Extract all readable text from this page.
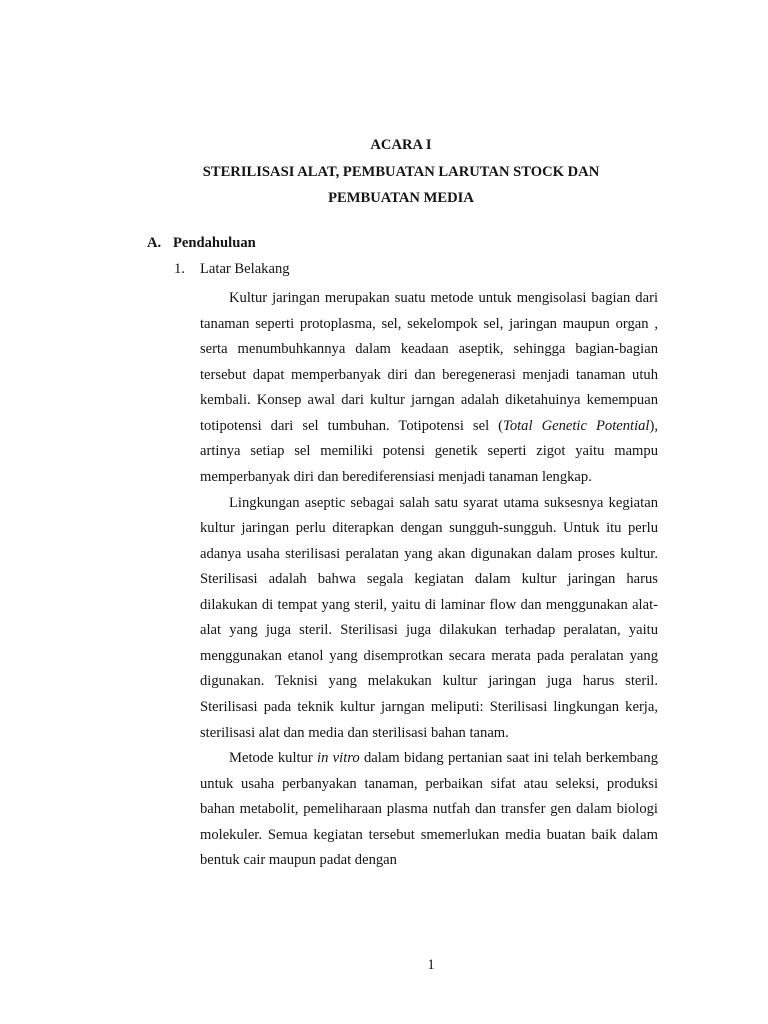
ACARA I
STERILISASI ALAT, PEMBUATAN LARUTAN STOCK DAN
PEMBUATAN MEDIA
A. Pendahuluan
1. Latar Belakang

Kultur jaringan merupakan suatu metode untuk mengisolasi bagian dari tanaman seperti protoplasma, sel, sekelompok sel, jaringan maupun organ , serta menumbuhkannya dalam keadaan aseptik, sehingga bagian-bagian tersebut dapat memperbanyak diri dan beregenerasi menjadi tanaman utuh kembali. Konsep awal dari kultur jarngan adalah diketahuinya kemempuan totipotensi dari sel tumbuhan. Totipotensi sel (Total Genetic Potential), artinya setiap sel memiliki potensi genetik seperti zigot yaitu mampu memperbanyak diri dan berediferensiasi menjadi tanaman lengkap.

Lingkungan aseptic sebagai salah satu syarat utama suksesnya kegiatan kultur jaringan perlu diterapkan dengan sungguh-sungguh. Untuk itu perlu adanya usaha sterilisasi peralatan yang akan digunakan dalam proses kultur. Sterilisasi adalah bahwa segala kegiatan dalam kultur jaringan harus dilakukan di tempat yang steril, yaitu di laminar flow dan menggunakan alat-alat yang juga steril. Sterilisasi juga dilakukan terhadap peralatan, yaitu menggunakan etanol yang disemprotkan secara merata pada peralatan yang digunakan. Teknisi yang melakukan kultur jaringan juga harus steril. Sterilisasi pada teknik kultur jarngan meliputi: Sterilisasi lingkungan kerja, sterilisasi alat dan media dan sterilisasi bahan tanam.

Metode kultur in vitro dalam bidang pertanian saat ini telah berkembang untuk usaha perbanyakan tanaman, perbaikan sifat atau seleksi, produksi bahan metabolit, pemeliharaan plasma nutfah dan transfer gen dalam biologi molekuler. Semua kegiatan tersebut smemerlukan media buatan baik dalam bentuk cair maupun padat dengan

1
